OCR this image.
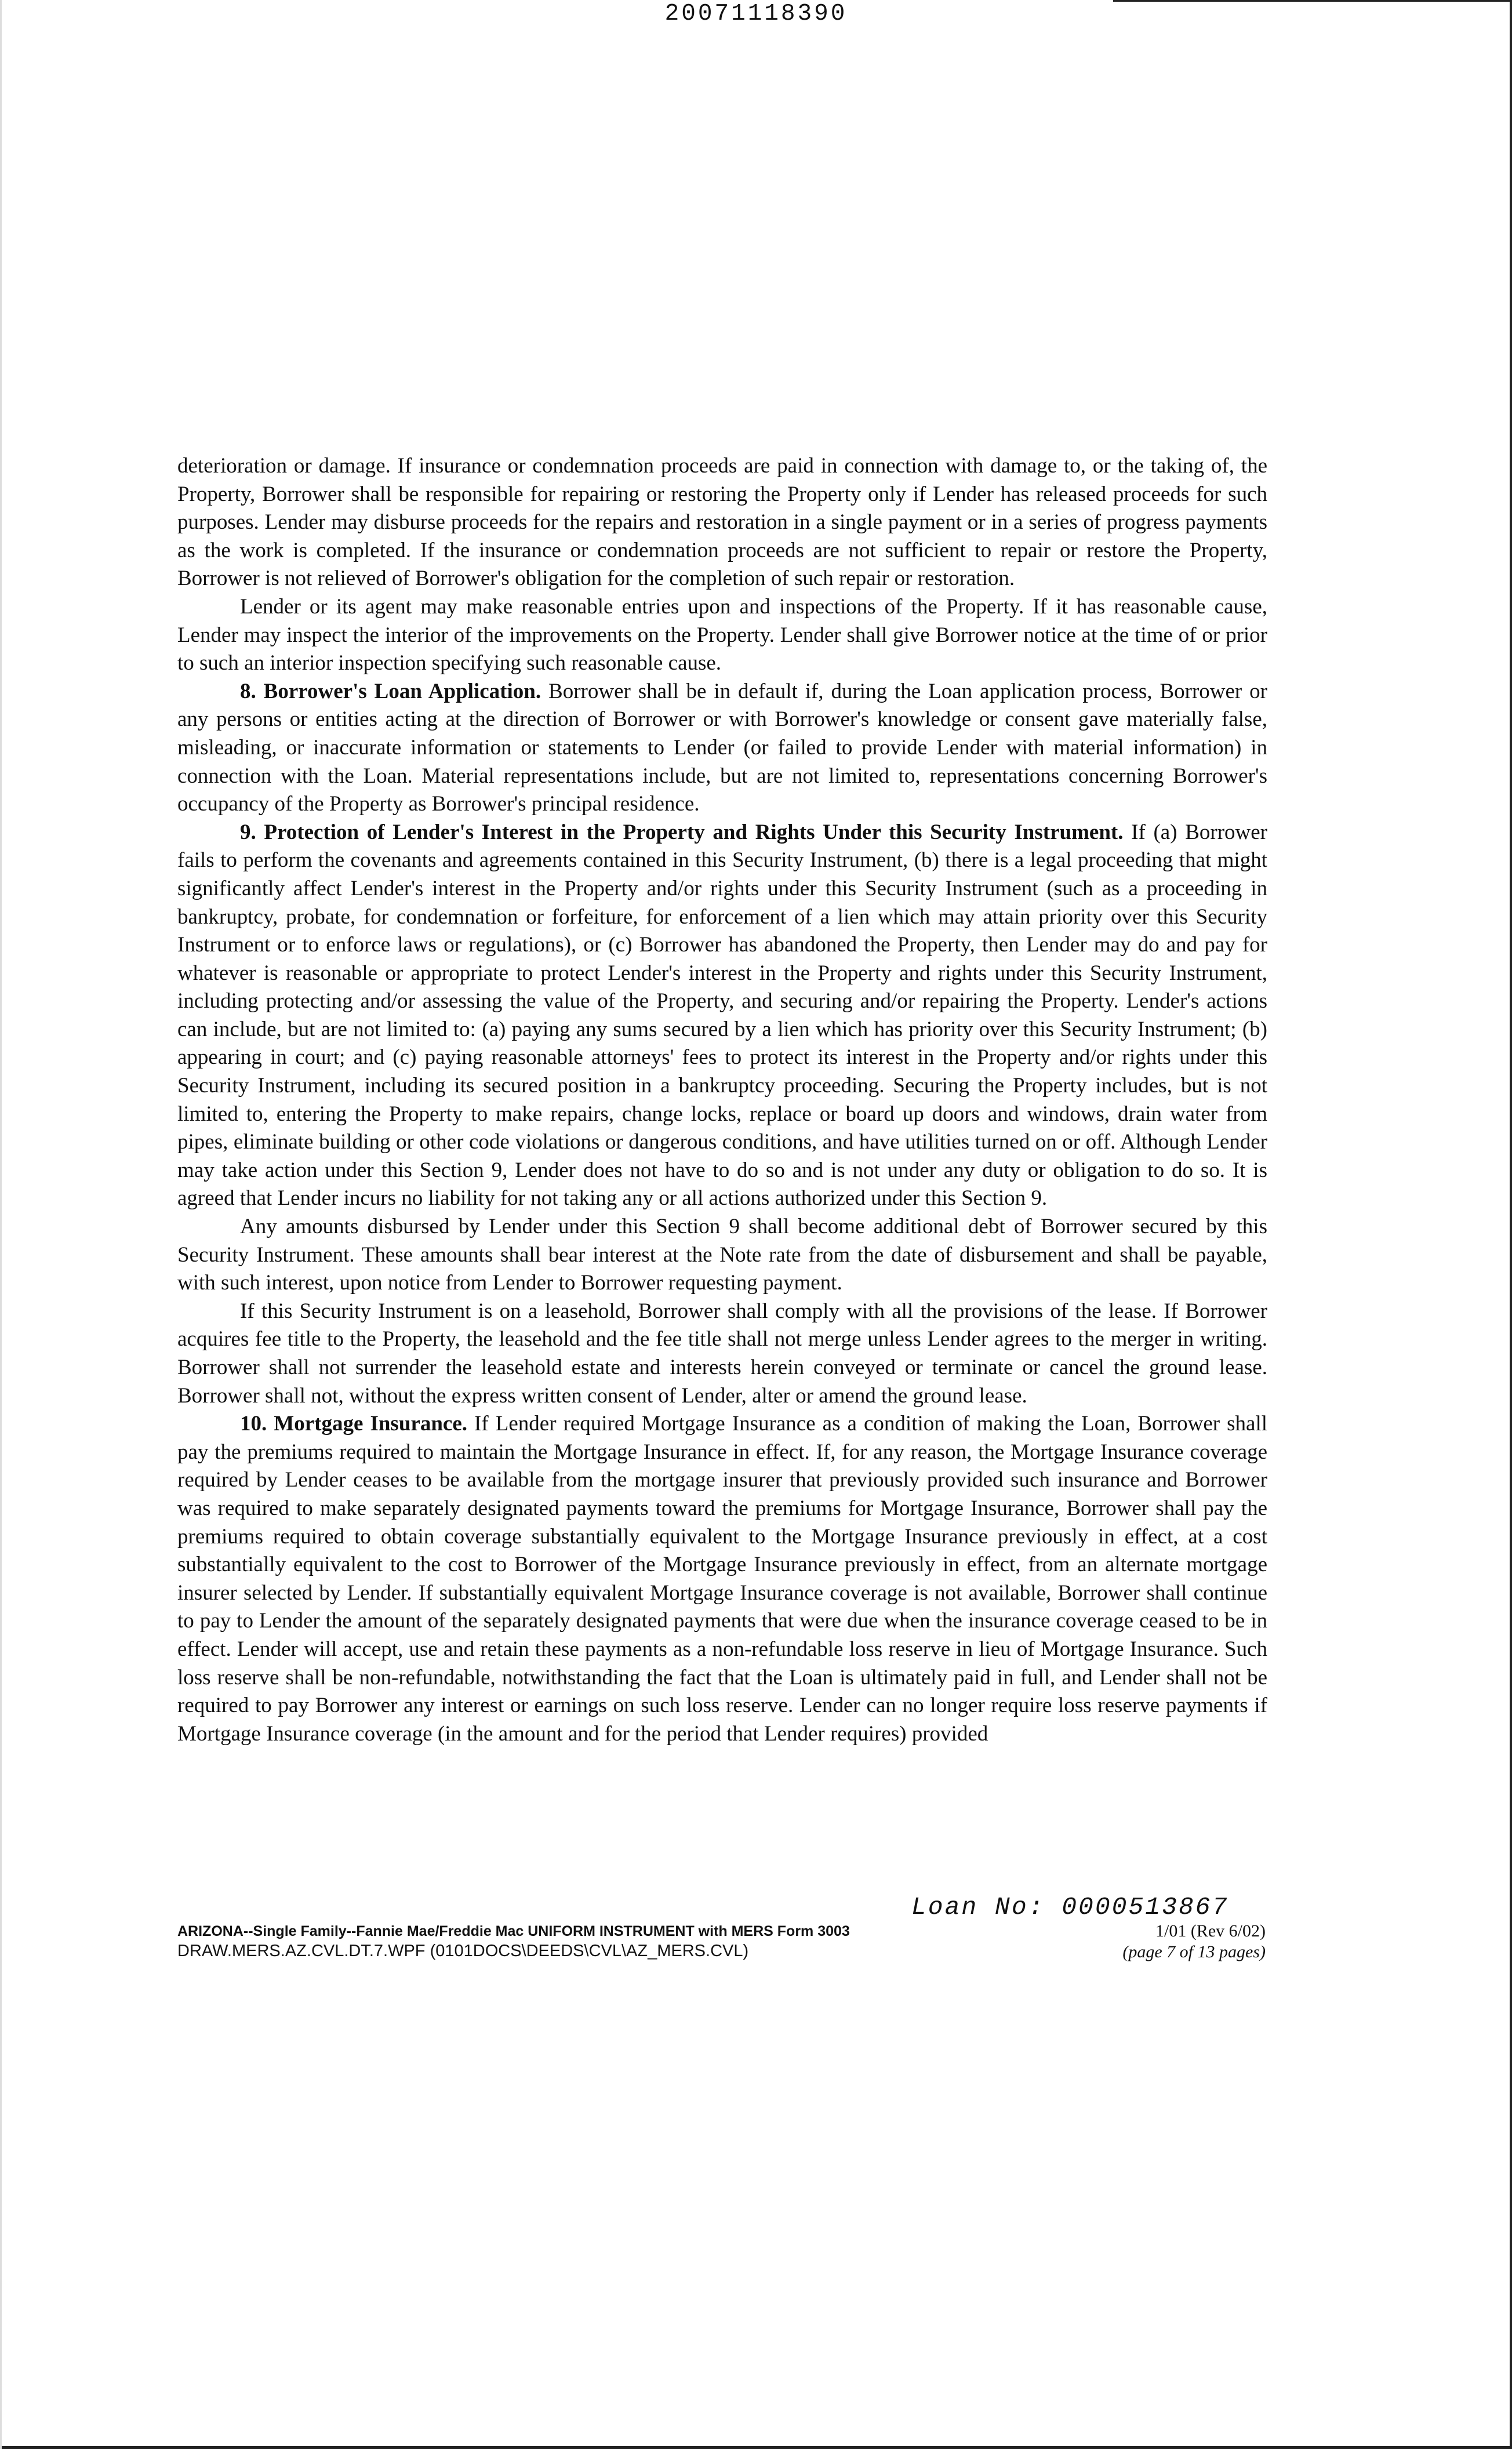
20071118390

deterioration or damage. If insurance or condemnation proceeds are paid in connection with damage to, or the taking of, the Property, Borrower shall be responsible for repairing or restoring the Property only if Lender has released proceeds for such purposes. Lender may disburse proceeds for the repairs and restoration in a single payment or in a series of progress payments as the work is completed. If the insurance or condemnation proceeds are not sufficient to repair or restore the Property, Borrower is not relieved of Borrower's obligation for the completion of such repair or restoration.

Lender or its agent may make reasonable entries upon and inspections of the Property. If it has reasonable cause, Lender may inspect the interior of the improvements on the Property. Lender shall give Borrower notice at the time of or prior to such an interior inspection specifying such reasonable cause.

8. Borrower's Loan Application. Borrower shall be in default if, during the Loan application process, Borrower or any persons or entities acting at the direction of Borrower or with Borrower's knowledge or consent gave materially false, misleading, or inaccurate information or statements to Lender (or failed to provide Lender with material information) in connection with the Loan. Material representations include, but are not limited to, representations concerning Borrower's occupancy of the Property as Borrower's principal residence.

9. Protection of Lender's Interest in the Property and Rights Under this Security Instrument. If (a) Borrower fails to perform the covenants and agreements contained in this Security Instrument, (b) there is a legal proceeding that might significantly affect Lender's interest in the Property and/or rights under this Security Instrument (such as a proceeding in bankruptcy, probate, for condemnation or forfeiture, for enforcement of a lien which may attain priority over this Security Instrument or to enforce laws or regulations), or (c) Borrower has abandoned the Property, then Lender may do and pay for whatever is reasonable or appropriate to protect Lender's interest in the Property and rights under this Security Instrument, including protecting and/or assessing the value of the Property, and securing and/or repairing the Property. Lender's actions can include, but are not limited to: (a) paying any sums secured by a lien which has priority over this Security Instrument; (b) appearing in court; and (c) paying reasonable attorneys' fees to protect its interest in the Property and/or rights under this Security Instrument, including its secured position in a bankruptcy proceeding. Securing the Property includes, but is not limited to, entering the Property to make repairs, change locks, replace or board up doors and windows, drain water from pipes, eliminate building or other code violations or dangerous conditions, and have utilities turned on or off. Although Lender may take action under this Section 9, Lender does not have to do so and is not under any duty or obligation to do so. It is agreed that Lender incurs no liability for not taking any or all actions authorized under this Section 9.

Any amounts disbursed by Lender under this Section 9 shall become additional debt of Borrower secured by this Security Instrument. These amounts shall bear interest at the Note rate from the date of disbursement and shall be payable, with such interest, upon notice from Lender to Borrower requesting payment.

If this Security Instrument is on a leasehold, Borrower shall comply with all the provisions of the lease. If Borrower acquires fee title to the Property, the leasehold and the fee title shall not merge unless Lender agrees to the merger in writing. Borrower shall not surrender the leasehold estate and interests herein conveyed or terminate or cancel the ground lease. Borrower shall not, without the express written consent of Lender, alter or amend the ground lease.

10. Mortgage Insurance. If Lender required Mortgage Insurance as a condition of making the Loan, Borrower shall pay the premiums required to maintain the Mortgage Insurance in effect. If, for any reason, the Mortgage Insurance coverage required by Lender ceases to be available from the mortgage insurer that previously provided such insurance and Borrower was required to make separately designated payments toward the premiums for Mortgage Insurance, Borrower shall pay the premiums required to obtain coverage substantially equivalent to the Mortgage Insurance previously in effect, at a cost substantially equivalent to the cost to Borrower of the Mortgage Insurance previously in effect, from an alternate mortgage insurer selected by Lender. If substantially equivalent Mortgage Insurance coverage is not available, Borrower shall continue to pay to Lender the amount of the separately designated payments that were due when the insurance coverage ceased to be in effect. Lender will accept, use and retain these payments as a non-refundable loss reserve in lieu of Mortgage Insurance. Such loss reserve shall be non-refundable, notwithstanding the fact that the Loan is ultimately paid in full, and Lender shall not be required to pay Borrower any interest or earnings on such loss reserve. Lender can no longer require loss reserve payments if Mortgage Insurance coverage (in the amount and for the period that Lender requires) provided

Loan No: 0000513867
ARIZONA--Single Family--Fannie Mae/Freddie Mac UNIFORM INSTRUMENT with MERS Form 3003
DRAW.MERS.AZ.CVL.DT.7.WPF (0101DOCS\DEEDS\CVL\AZ_MERS.CVL)
1/01 (Rev 6/02)
(page 7 of 13 pages)
